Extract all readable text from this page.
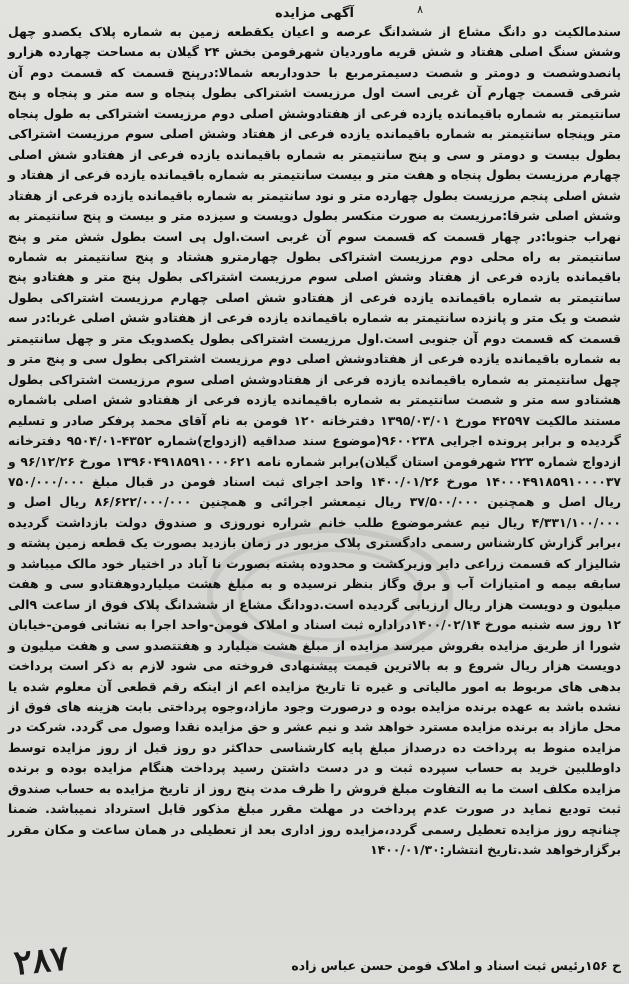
آگهی مزایده	۸

سندمالکیت دو دانگ مشاع از ششدانگ عرصه و اعیان یکقطعه زمین به شماره پلاک یکصدو چهل وشش سنگ اصلی هفتاد و شش قریه ماوردیان شهرفومن بخش ۲۴ گیلان به مساحت چهارده هزارو پانصدوشصت و دومتر و شصت دسیمترمربع با حدوداربعه شمالا:درپنج قسمت که قسمت دوم آن شرقی قسمت چهارم آن غربی است اول مرزیست اشتراکی بطول پنجاه و سه متر و پنجاه و پنج سانتیمتر به شماره باقیمانده یازده فرعی از هفتادوشش اصلی دوم مرزیست اشتراکی به طول پنجاه متر وپنجاه سانتیمتر به شماره باقیمانده یازده فرعی از هفتاد وشش اصلی سوم مرزیست اشتراکی بطول بیست و دومتر و سی و پنج سانتیمتر به شماره باقیمانده یازده فرعی از هفتادو شش اصلی چهارم مرزیست بطول پنجاه و هفت متر و بیست سانتیمتر به شماره باقیمانده یازده فرعی از هفتاد و شش اصلی پنجم مرزیست بطول چهارده متر و نود سانتیمتر به شماره باقیمانده یازده فرعی از هفتاد وشش اصلی شرقا:مرزیست به صورت منکسر بطول دویست و سیزده متر و بیست و پنج سانتیمتر به نهراب جنوبا:در چهار قسمت که قسمت سوم آن غربی است.اول پی است بطول شش متر و پنج سانتیمتر به راه محلی دوم مرزیست اشتراکی بطول چهارمترو هشتاد و پنج سانتیمتر به شماره باقیمانده یازده فرعی از هفتاد وشش اصلی سوم مرزیست اشتراکی بطول پنج متر و هفتادو پنج سانتیمتر به شماره باقیمانده یازده فرعی از هفتادو شش اصلی چهارم مرزیست اشتراکی بطول شصت و یک متر و پانزده سانتیمتر به شماره باقیمانده یازده فرعی از هفتادو شش اصلی غربا:در سه قسمت که قسمت دوم آن جنوبی است.اول مرزیست اشتراکی بطول یکصدویک متر و چهل سانتیمتر به شماره باقیمانده یازده فرعی از هفتادوشش اصلی دوم مرزیست اشتراکی بطول سی و پنج متر و چهل سانتیمتر به شماره باقیمانده یازده فرعی از هفتادوشش اصلی سوم مرزیست اشتراکی بطول هشتادو سه متر و شصت سانتیمتر به شماره باقیمانده یازده فرعی از هفتادو شش اصلی باشماره مستند مالکیت ۴۲۵۹۷ مورخ ۱۳۹۵/۰۳/۰۱ دفترخانه ۱۲۰ فومن به نام آقای محمد پرفکر صادر و تسلیم گردیده و برابر پرونده اجرایی ۹۶۰۰۲۳۸(موضوع سند صداقیه (ازدواج)شماره ۴۳۵۲-۹۵۰۴/۰۱ دفترخانه ازدواج شماره ۲۲۳ شهرفومن استان گیلان)برابر شماره نامه ۱۳۹۶۰۴۹۱۸۵۹۱۰۰۰۶۲۱ مورخ ۹۶/۱۲/۲۶ و ۱۴۰۰۰۴۹۱۸۵۹۱۰۰۰۰۳۷ مورخ ۱۴۰۰/۰۱/۲۶ واحد اجرای ثبت اسناد فومن در قبال مبلغ ۷۵۰/۰۰۰/۰۰۰ ریال اصل و همچنین ۳۷/۵۰۰/۰۰۰ ریال نیمعشر اجرائی و همچنین ۸۶/۶۲۲/۰۰۰/۰۰۰ ریال اصل و ۴/۳۳۱/۱۰۰/۰۰۰ ریال نیم عشرموضوع طلب خانم شراره نوروزی و صندوق دولت بازداشت گردیده ،برابر گزارش کارشناس رسمی دادگستری پلاک مزبور در زمان بازدید بصورت یک قطعه زمین پشته و شالیزار که قسمت زراعی دایر وزیرکشت و محدوده پشته بصورت نا آباد در اختیار خود مالک میباشد و سابقه بیمه و امتیازات آب و برق وگاز بنظر نرسیده و به مبلغ هشت میلیاردوهفتادو سی و هفت میلیون و دویست هزار ریال ارزیابی گردیده است.دودانگ مشاع از ششدانگ پلاک فوق از ساعت ۹الی ۱۲ روز سه شنبه مورخ ۱۴۰۰/۰۲/۱۴دراداره ثبت اسناد و املاک فومن-واحد اجرا به نشانی فومن-خیابان شورا از طریق مزایده بفروش میرسد مزایده از مبلغ هشت میلیارد و هفتتصدو سی و هفت میلیون و دویست هزار ریال شروع و به بالاترین قیمت پیشنهادی فروخته می شود لازم به ذکر است پرداخت بدهی های مربوط به امور مالیاتی و غیره تا تاریخ مزایده اعم از اینکه رقم قطعی آن معلوم شده یا نشده باشد به عهده برنده مزایده بوده و درصورت وجود مازاد،وجوه پرداختی بابت هزینه های فوق از محل مازاد به برنده مزایده مسترد خواهد شد و نیم عشر و حق مزایده نقدا وصول می گردد. شرکت در مزایده منوط به پرداخت ده درصداز مبلغ پایه کارشناسی حداکثر دو روز قبل از روز مزایده توسط داوطلبین خرید به حساب سپرده ثبت و در دست داشتن رسید پرداخت هنگام مزایده بوده و برنده مزایده مکلف است ما به التفاوت مبلغ فروش را ظرف مدت پنج روز از تاریخ مزایده به حساب صندوق ثبت تودیع نماید در صورت عدم پرداخت در مهلت مقرر مبلغ مذکور قابل استرداد نمیباشد. ضمنا چنانچه روز مزایده تعطیل رسمی گردد،مزایده روز اداری بعد از تعطیلی در همان ساعت و مکان مقرر برگزارخواهد شد.تاریخ انتشار:۱۴۰۰/۰۱/۳۰

ح ۱۵۶رئیس ثبت اسناد و املاک فومن حسن عباس زاده
۲۸۷
